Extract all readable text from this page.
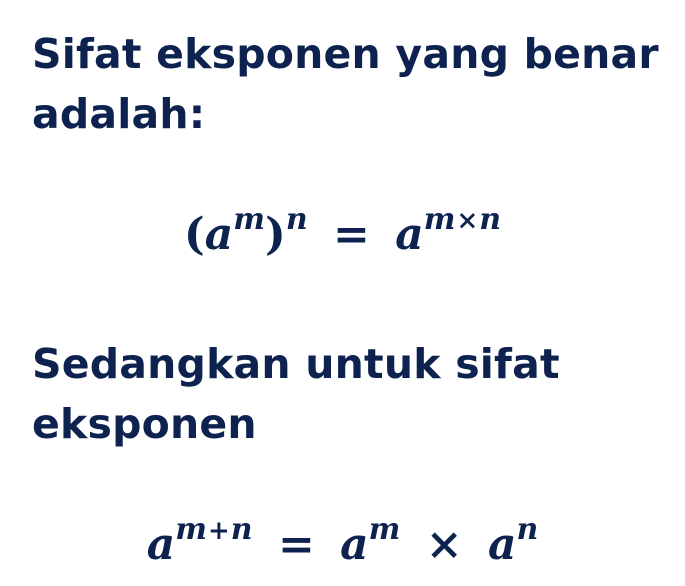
Sifat eksponen yang benar adalah:
$(a^m)^n = a^{m\times n}$
Sedangkan untuk sifat eksponen
$a^{m+n} = a^m \times a^n$
